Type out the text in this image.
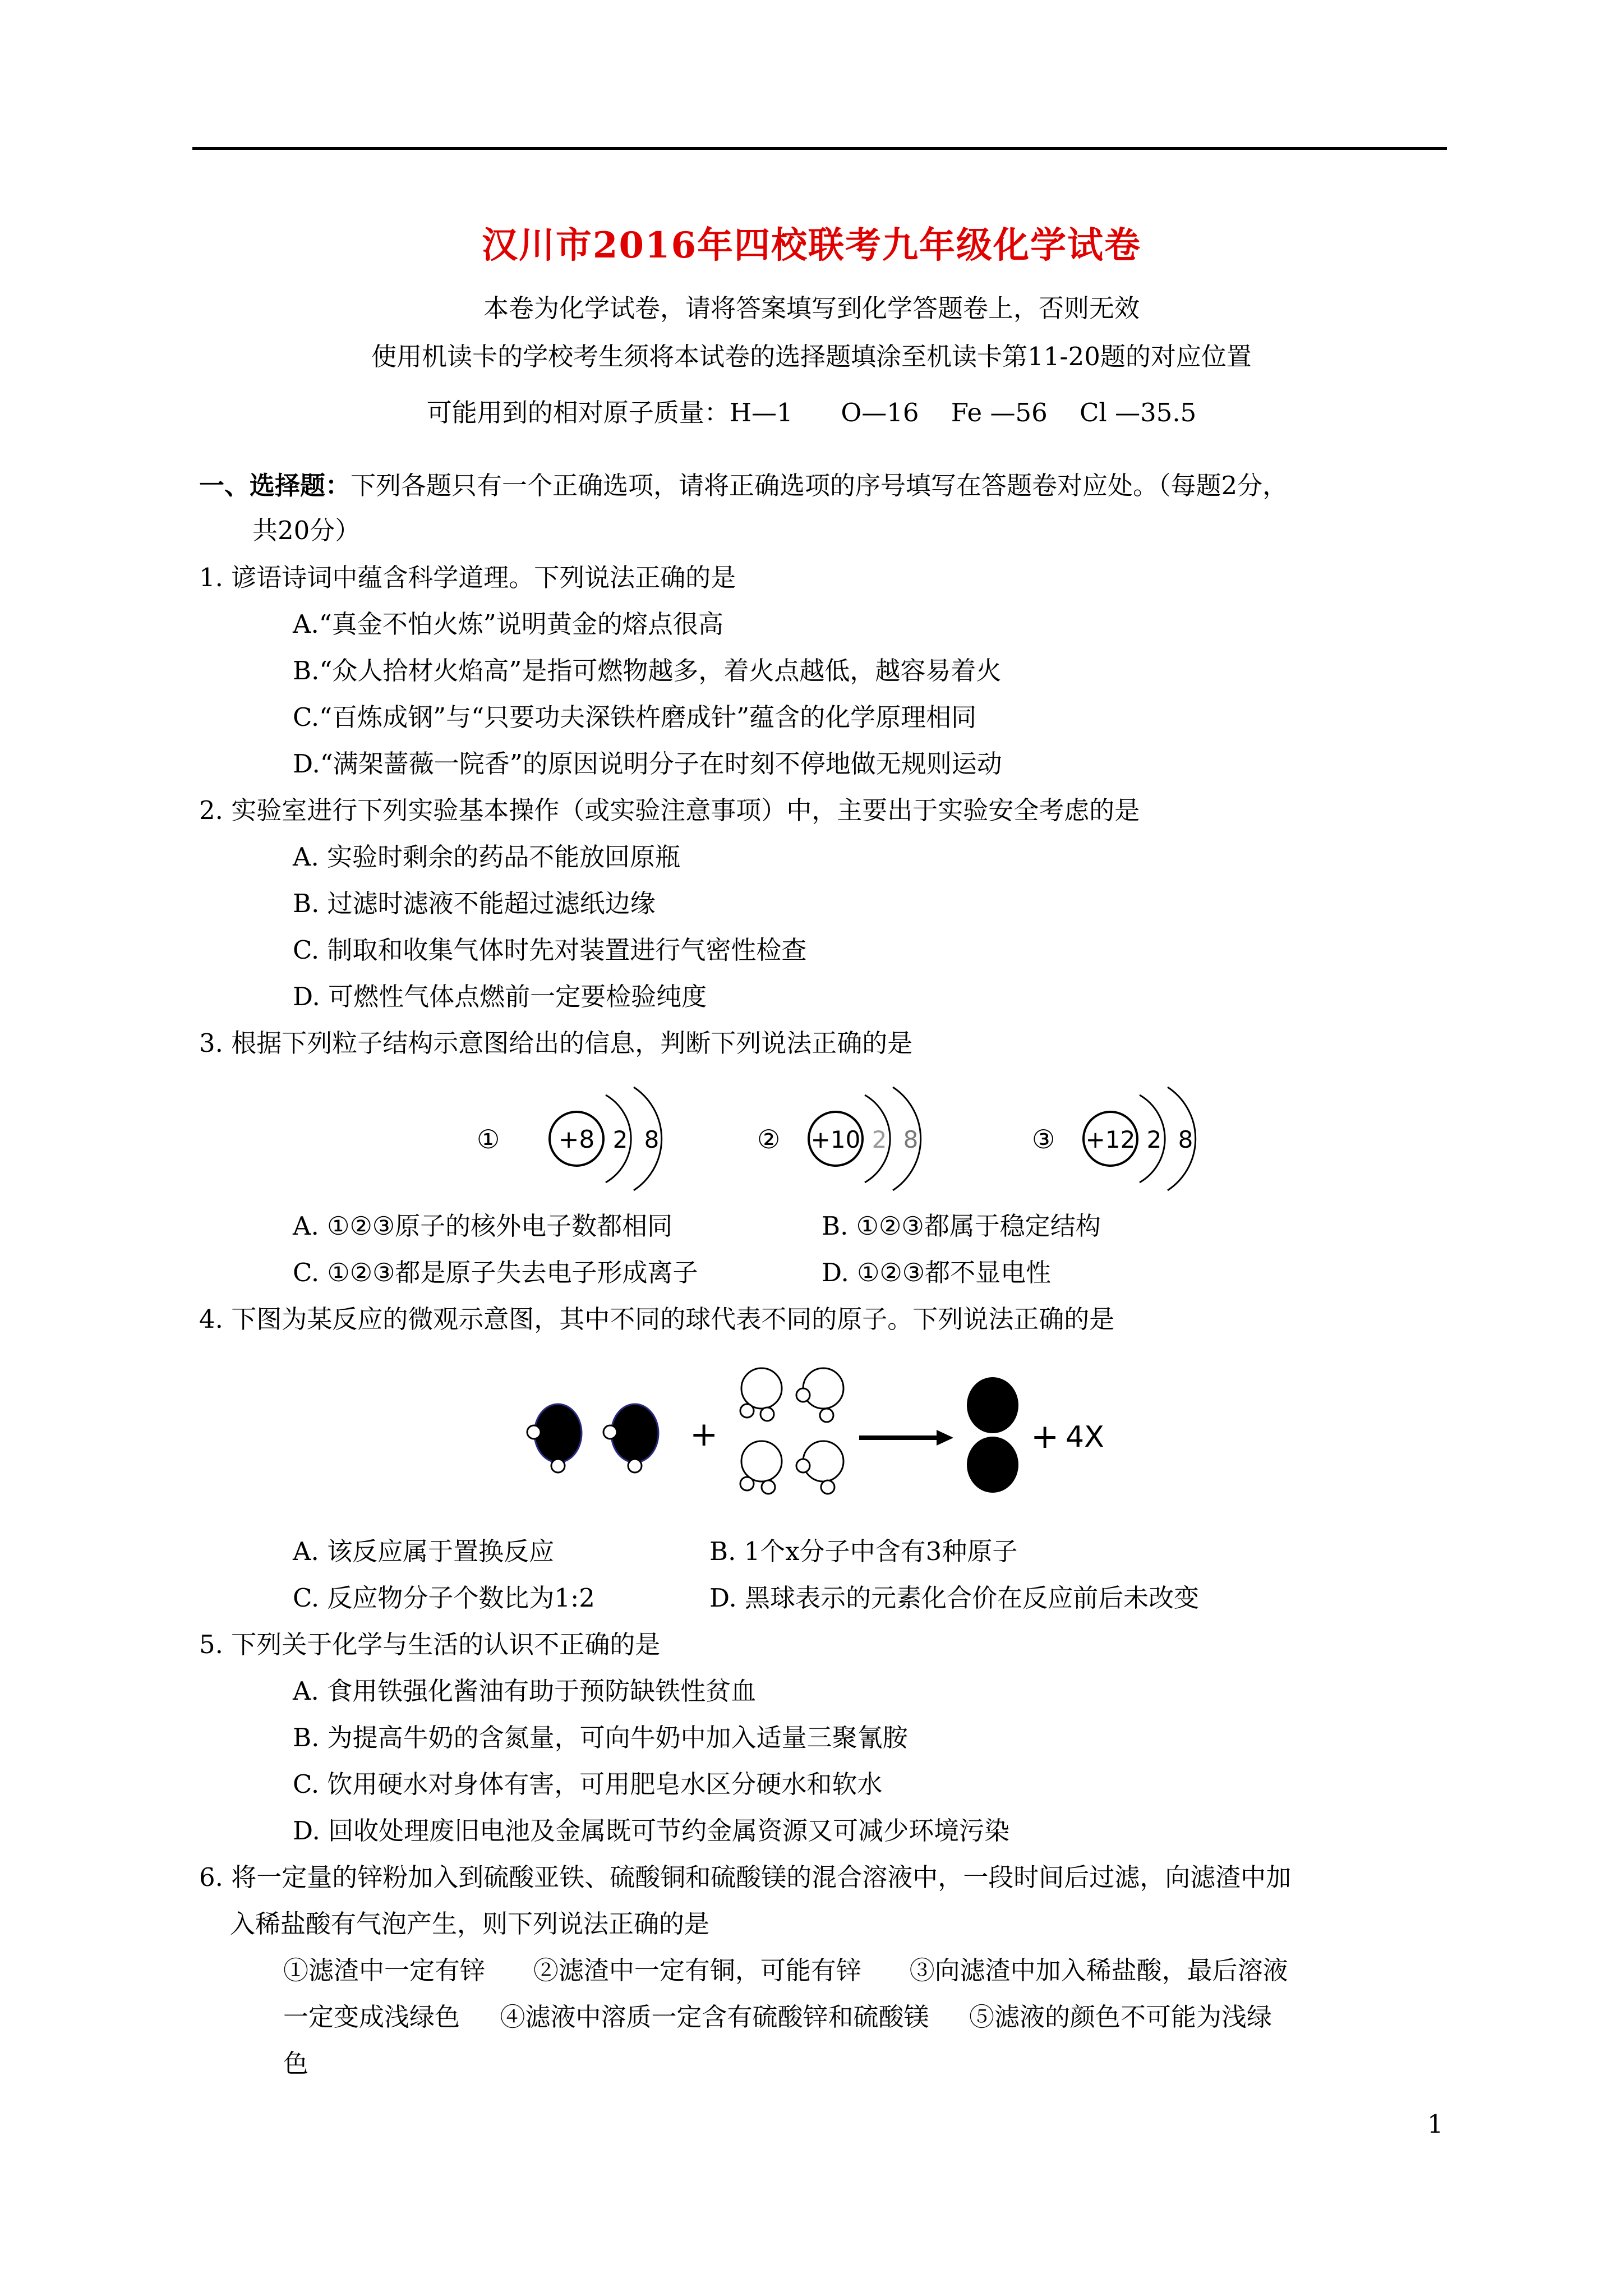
汉川市2016年四校联考九年级化学试卷
本卷为化学试卷，请将答案填写到化学答题卷上，否则无效
使用机读卡的学校考生须将本试卷的选择题填涂至机读卡第11-20题的对应位置
可能用到的相对原子质量：H—1      O—16    Fe —56    Cl —35.5
一、选择题：下列各题只有一个正确选项，请将正确选项的序号填写在答题卷对应处。（每题2分，
共20分）
1. 谚语诗词中蕴含科学道理。下列说法正确的是
A.“真金不怕火炼”说明黄金的熔点很高
B.“众人拾材火焰高”是指可燃物越多，着火点越低，越容易着火
C.“百炼成钢”与“只要功夫深铁杵磨成针”蕴含的化学原理相同
D.“满架蔷薇一院香”的原因说明分子在时刻不停地做无规则运动
2. 实验室进行下列实验基本操作（或实验注意事项）中，主要出于实验安全考虑的是
A. 实验时剩余的药品不能放回原瓶
B. 过滤时滤液不能超过滤纸边缘
C. 制取和收集气体时先对装置进行气密性检查
D. 可燃性气体点燃前一定要检验纯度
3. 根据下列粒子结构示意图给出的信息，判断下列说法正确的是
① +8 2 8	② +10 2 8	③ +12 2 8
A. ①②③原子的核外电子数都相同	B. ①②③都属于稳定结构
C. ①②③都是原子失去电子形成离子	D. ①②③都不显电性
4. 下图为某反应的微观示意图，其中不同的球代表不同的原子。下列说法正确的是
+	+ 4X
A. 该反应属于置换反应	B. 1个x分子中含有3种原子
C. 反应物分子个数比为1:2	D. 黑球表示的元素化合价在反应前后未改变
5. 下列关于化学与生活的认识不正确的是
A. 食用铁强化酱油有助于预防缺铁性贫血
B. 为提高牛奶的含氮量，可向牛奶中加入适量三聚氰胺
C. 饮用硬水对身体有害，可用肥皂水区分硬水和软水
D. 回收处理废旧电池及金属既可节约金属资源又可减少环境污染
6. 将一定量的锌粉加入到硫酸亚铁、硫酸铜和硫酸镁的混合溶液中，一段时间后过滤，向滤渣中加
入稀盐酸有气泡产生，则下列说法正确的是
①滤渣中一定有锌      ②滤渣中一定有铜，可能有锌      ③向滤渣中加入稀盐酸，最后溶液
一定变成浅绿色     ④滤液中溶质一定含有硫酸锌和硫酸镁     ⑤滤液的颜色不可能为浅绿
色
1
